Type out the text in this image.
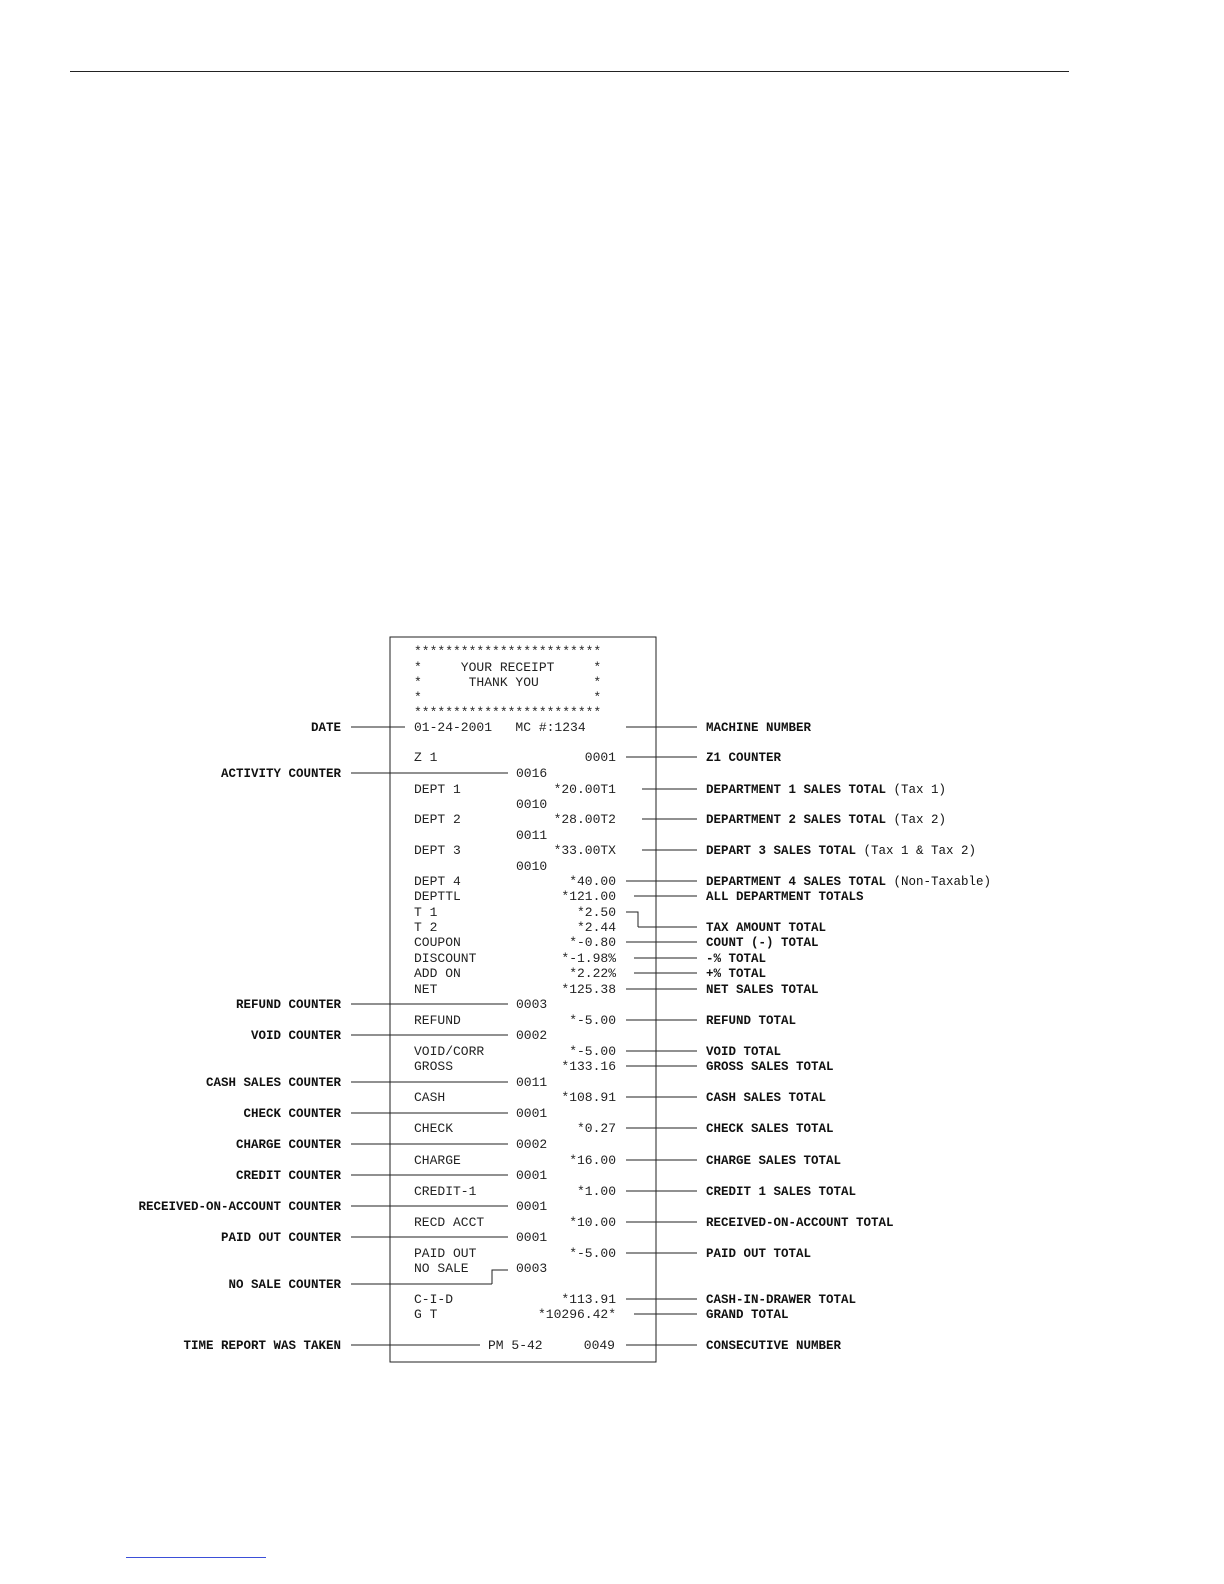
************************
*     YOUR RECEIPT     *
*      THANK YOU       *
*                      *
************************
01-24-2001   MC #:1234
Z 1	0001
0016
DEPT 1	*20.00T1
0010
DEPT 2	*28.00T2
0011
DEPT 3	*33.00TX
0010
DEPT 4	*40.00
DEPTTL	*121.00
T 1	*2.50
T 2	*2.44
COUPON	*-0.80
DISCOUNT	*-1.98%
ADD ON	*2.22%
NET	*125.38
0003
REFUND	*-5.00
0002
VOID/CORR	*-5.00
GROSS	*133.16
0011
CASH	*108.91
0001
CHECK	*0.27
0002
CHARGE	*16.00
0001
CREDIT-1	*1.00
0001
RECD ACCT	*10.00
0001
PAID OUT	*-5.00
NO SALE	0003
C-I-D	*113.91
G T	*10296.42*
PM 5-42	0049
DATE
ACTIVITY COUNTER
REFUND COUNTER
VOID COUNTER
CASH SALES COUNTER
CHECK COUNTER
CHARGE COUNTER
CREDIT COUNTER
RECEIVED-ON-ACCOUNT COUNTER
PAID OUT COUNTER
NO SALE COUNTER
TIME REPORT WAS TAKEN
MACHINE NUMBER
Z1 COUNTER
DEPARTMENT 1 SALES TOTAL (Tax 1)
DEPARTMENT 2 SALES TOTAL (Tax 2)
DEPART 3 SALES TOTAL (Tax 1 & Tax 2)
DEPARTMENT 4 SALES TOTAL (Non-Taxable)
ALL DEPARTMENT TOTALS
TAX AMOUNT TOTAL
COUNT (-) TOTAL
-% TOTAL
+% TOTAL
NET SALES TOTAL
REFUND TOTAL
VOID TOTAL
GROSS SALES TOTAL
CASH SALES TOTAL
CHECK SALES TOTAL
CHARGE SALES TOTAL
CREDIT 1 SALES TOTAL
RECEIVED-ON-ACCOUNT TOTAL
PAID OUT TOTAL
CASH-IN-DRAWER TOTAL
GRAND TOTAL
CONSECUTIVE NUMBER
